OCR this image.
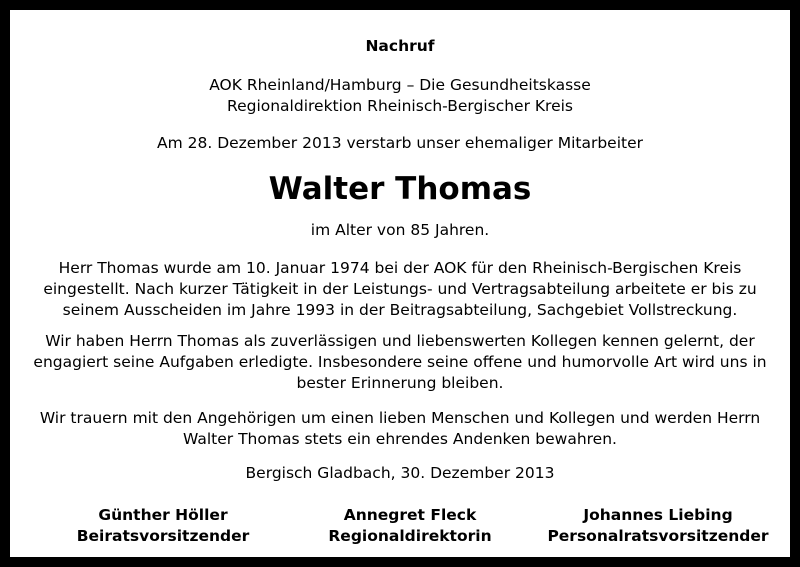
Nachruf
AOK Rheinland/Hamburg – Die Gesundheitskasse
Regionaldirektion Rheinisch-Bergischer Kreis
Am 28. Dezember 2013 verstarb unser ehemaliger Mitarbeiter
Walter Thomas
im Alter von 85 Jahren.
Herr Thomas wurde am 10. Januar 1974 bei der AOK für den Rheinisch-Bergischen Kreis
eingestellt. Nach kurzer Tätigkeit in der Leistungs- und Vertragsabteilung arbeitete er bis zu
seinem Ausscheiden im Jahre 1993 in der Beitragsabteilung, Sachgebiet Vollstreckung.
Wir haben Herrn Thomas als zuverlässigen und liebenswerten Kollegen kennen gelernt, der
engagiert seine Aufgaben erledigte. Insbesondere seine offene und humorvolle Art wird uns in
bester Erinnerung bleiben.
Wir trauern mit den Angehörigen um einen lieben Menschen und Kollegen und werden Herrn
Walter Thomas stets ein ehrendes Andenken bewahren.
Bergisch Gladbach, 30. Dezember 2013
Günther Höller
Beiratsvorsitzender
Annegret Fleck
Regionaldirektorin
Johannes Liebing
Personalratsvorsitzender
